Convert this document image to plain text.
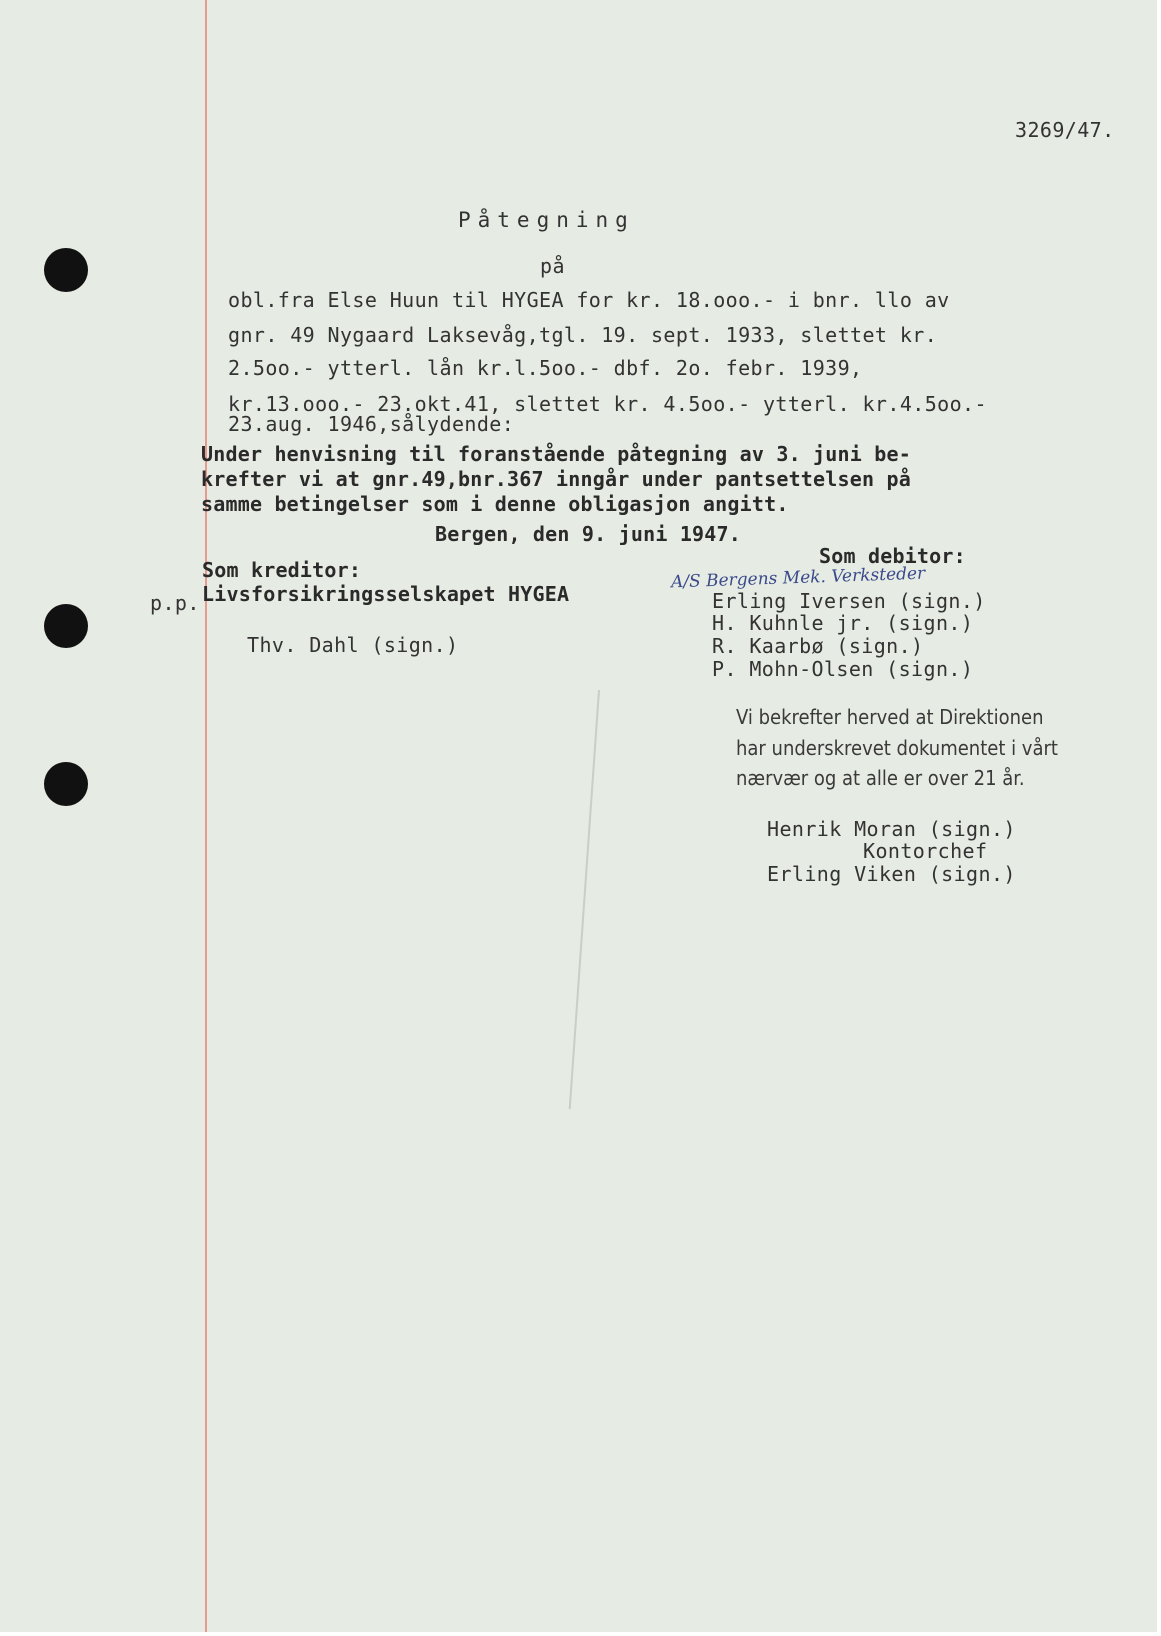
3269/47.
Påtegning
på
obl.fra Else Huun til HYGEA for kr. 18.ooo.- i bnr. llo av
gnr. 49 Nygaard Laksevåg,tgl. 19. sept. 1933, slettet kr.
2.5oo.- ytterl. lån kr.l.5oo.- dbf. 2o. febr. 1939,
kr.13.ooo.- 23.okt.41, slettet kr. 4.5oo.- ytterl. kr.4.5oo.-
23.aug. 1946,sålydende:
Under henvisning til foranstående påtegning av 3. juni be-
krefter vi at gnr.49,bnr.367 inngår under pantsettelsen på
samme betingelser som i denne obligasjon angitt.
Bergen, den 9. juni 1947.
Som kreditor:
p.p. Livsforsikringsselskapet HYGEA
Thv. Dahl (sign.)
Som debitor:
A/S Bergens Mek. Verksteder
Erling Iversen (sign.)
H. Kuhnle jr. (sign.)
R. Kaarbø (sign.)
P. Mohn-Olsen (sign.)
Vi bekrefter herved at Direktionen
har underskrevet dokumentet i vårt
nærvær og at alle er over 21 år.
Henrik Moran (sign.)
Kontorchef
Erling Viken (sign.)
